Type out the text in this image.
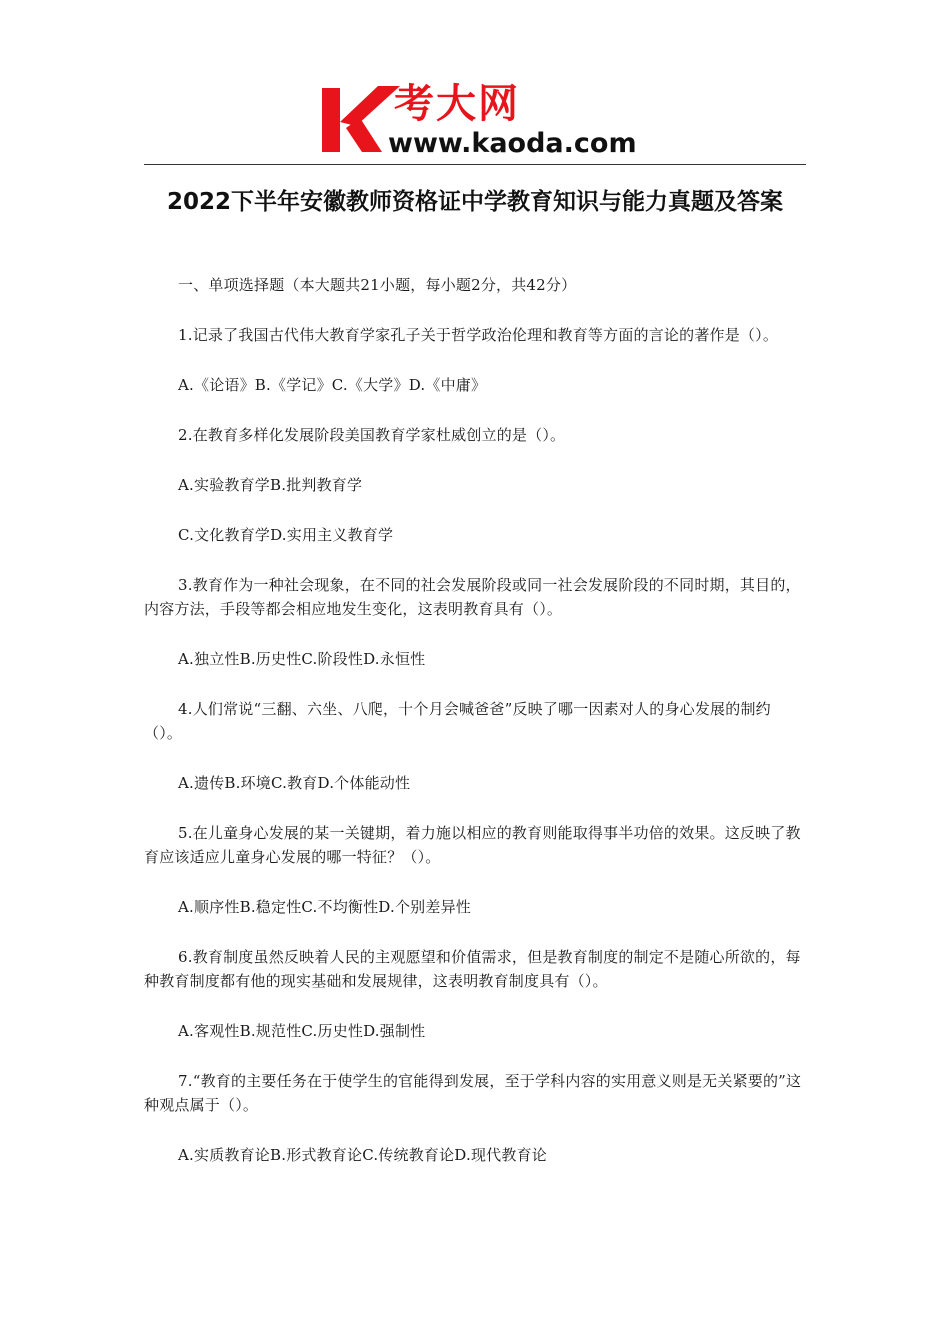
考大网
www.kaoda.com
2022下半年安徽教师资格证中学教育知识与能力真题及答案

一、单项选择题（本大题共21小题，每小题2分，共42分）

1.记录了我国古代伟大教育学家孔子关于哲学政治伦理和教育等方面的言论的著作是（）。

A.《论语》B.《学记》C.《大学》D.《中庸》

2.在教育多样化发展阶段美国教育学家杜威创立的是（）。

A.实验教育学B.批判教育学

C.文化教育学D.实用主义教育学

3.教育作为一种社会现象，在不同的社会发展阶段或同一社会发展阶段的不同时期，其目的，内容方法，手段等都会相应地发生变化，这表明教育具有（）。

A.独立性B.历史性C.阶段性D.永恒性

4.人们常说“三翻、六坐、八爬，十个月会喊爸爸”反映了哪一因素对人的身心发展的制约（）。

A.遗传B.环境C.教育D.个体能动性

5.在儿童身心发展的某一关键期，着力施以相应的教育则能取得事半功倍的效果。这反映了教育应该适应儿童身心发展的哪一特征？（）。

A.顺序性B.稳定性C.不均衡性D.个别差异性

6.教育制度虽然反映着人民的主观愿望和价值需求，但是教育制度的制定不是随心所欲的，每种教育制度都有他的现实基础和发展规律，这表明教育制度具有（）。

A.客观性B.规范性C.历史性D.强制性

7.“教育的主要任务在于使学生的官能得到发展，至于学科内容的实用意义则是无关紧要的”这种观点属于（）。

A.实质教育论B.形式教育论C.传统教育论D.现代教育论
